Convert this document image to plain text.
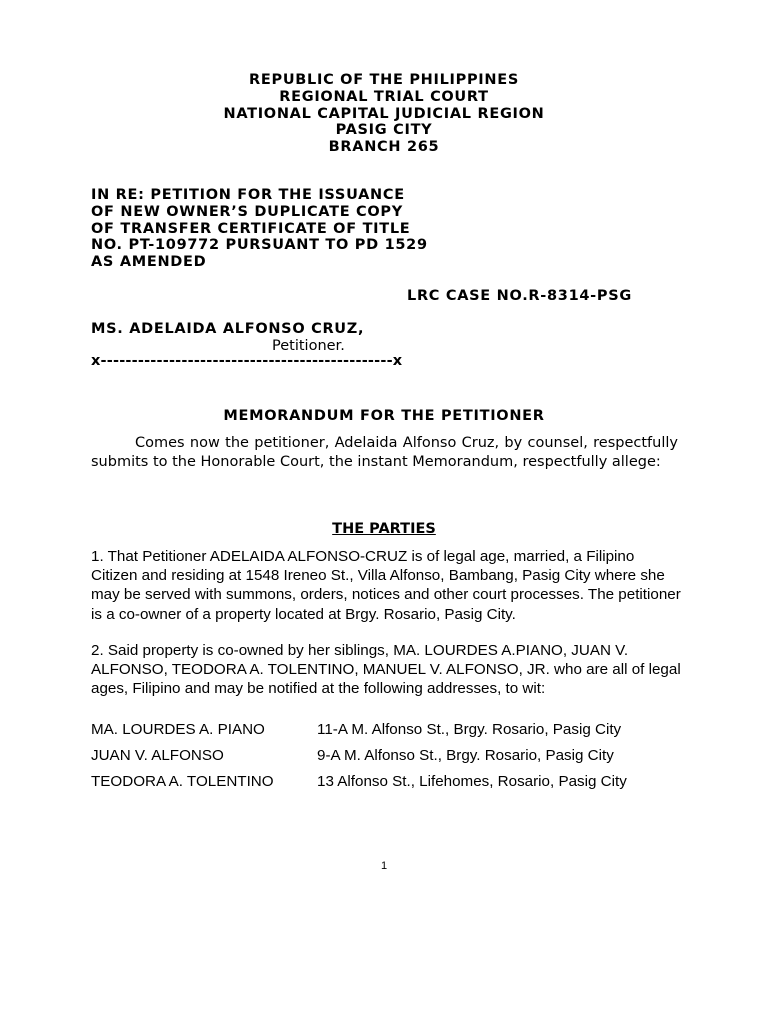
REPUBLIC OF THE PHILIPPINES
REGIONAL TRIAL COURT
NATIONAL CAPITAL JUDICIAL REGION
PASIG CITY
BRANCH 265
IN RE: PETITION FOR THE ISSUANCE
OF NEW OWNER’S DUPLICATE COPY
OF TRANSFER CERTIFICATE OF TITLE
NO. PT-109772 PURSUANT TO PD 1529
AS AMENDED
LRC CASE NO.R-8314-PSG
MS. ADELAIDA ALFONSO CRUZ,
Petitioner.
x-----------------------------------------------x
MEMORANDUM FOR THE PETITIONER

Comes now the petitioner, Adelaida Alfonso Cruz, by counsel, respectfully submits to the Honorable Court, the instant Memorandum, respectfully allege:

THE PARTIES

1. That Petitioner ADELAIDA ALFONSO-CRUZ is of legal age, married, a Filipino Citizen and residing at 1548 Ireneo St., Villa Alfonso, Bambang, Pasig City where she may be served with summons, orders, notices and other court processes. The petitioner is a co-owner of a property located at Brgy. Rosario, Pasig City.

2. Said property is co-owned by her siblings, MA. LOURDES A.PIANO, JUAN V. ALFONSO, TEODORA A. TOLENTINO, MANUEL V. ALFONSO, JR. who are all of legal ages, Filipino and may be notified at the following addresses, to wit:

MA. LOURDES A. PIANO	11-A M. Alfonso St., Brgy. Rosario, Pasig City
JUAN V. ALFONSO	9-A M. Alfonso St., Brgy. Rosario, Pasig City
TEODORA A. TOLENTINO	13 Alfonso St., Lifehomes, Rosario, Pasig City
1
